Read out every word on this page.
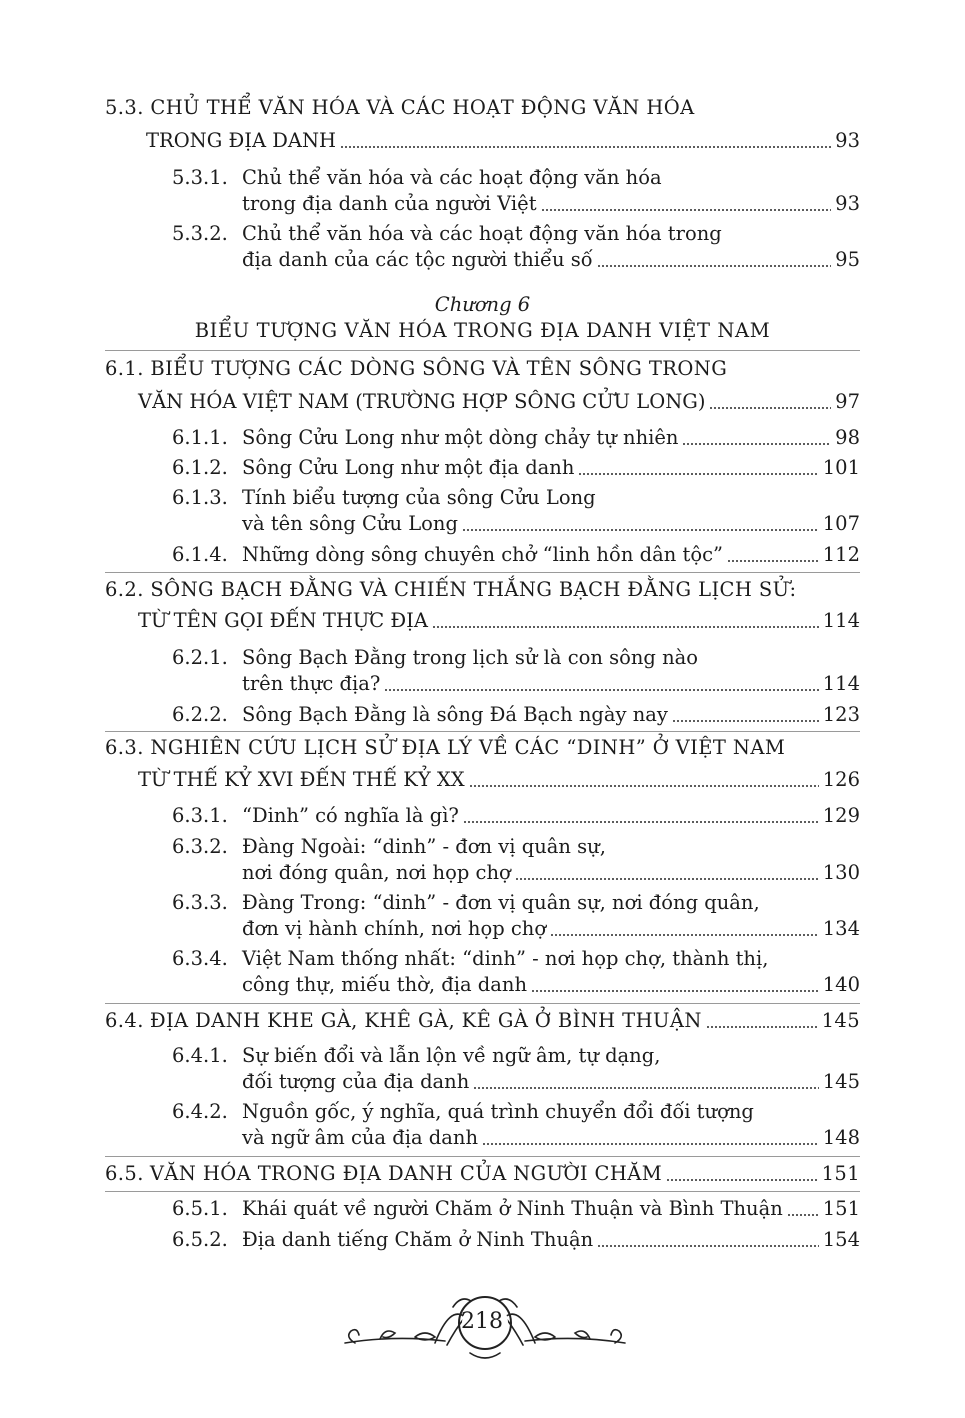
5.3. CHỦ THỂ VĂN HÓA VÀ CÁC HOẠT ĐỘNG VĂN HÓA
TRONG ĐỊA DANH	93
5.3.1. Chủ thể văn hóa và các hoạt động văn hóa
trong địa danh của người Việt	93
5.3.2. Chủ thể văn hóa và các hoạt động văn hóa trong
địa danh của các tộc người thiểu số	95
Chương 6
BIỂU TƯỢNG VĂN HÓA TRONG ĐỊA DANH VIỆT NAM
6.1. BIỂU TƯỢNG CÁC DÒNG SÔNG VÀ TÊN SÔNG TRONG
VĂN HÓA VIỆT NAM (TRƯỜNG HỢP SÔNG CỬU LONG)	97
6.1.1. Sông Cửu Long như một dòng chảy tự nhiên	98
6.1.2. Sông Cửu Long như một địa danh	101
6.1.3. Tính biểu tượng của sông Cửu Long
và tên sông Cửu Long	107
6.1.4. Những dòng sông chuyên chở “linh hồn dân tộc”	112
6.2. SÔNG BẠCH ĐẰNG VÀ CHIẾN THẮNG BẠCH ĐẰNG LỊCH SỬ:
TỪ TÊN GỌI ĐẾN THỰC ĐỊA	114
6.2.1. Sông Bạch Đằng trong lịch sử là con sông nào
trên thực địa?	114
6.2.2. Sông Bạch Đằng là sông Đá Bạch ngày nay	123
6.3. NGHIÊN CỨU LỊCH SỬ ĐỊA LÝ VỀ CÁC “DINH” Ở VIỆT NAM
TỪ THẾ KỶ XVI ĐẾN THẾ KỶ XX	126
6.3.1. “Dinh” có nghĩa là gì?	129
6.3.2. Đàng Ngoài: “dinh” - đơn vị quân sự,
nơi đóng quân, nơi họp chợ	130
6.3.3. Đàng Trong: “dinh” - đơn vị quân sự, nơi đóng quân,
đơn vị hành chính, nơi họp chợ	134
6.3.4. Việt Nam thống nhất: “dinh” - nơi họp chợ, thành thị,
công thự, miếu thờ, địa danh	140
6.4. ĐỊA DANH KHE GÀ, KHÊ GÀ, KÊ GÀ Ở BÌNH THUẬN	145
6.4.1. Sự biến đổi và lẫn lộn về ngữ âm, tự dạng,
đối tượng của địa danh	145
6.4.2. Nguồn gốc, ý nghĩa, quá trình chuyển đổi đối tượng
và ngữ âm của địa danh	148
6.5. VĂN HÓA TRONG ĐỊA DANH CỦA NGƯỜI CHĂM	151
6.5.1. Khái quát về người Chăm ở Ninh Thuận và Bình Thuận 151
6.5.2. Địa danh tiếng Chăm ở Ninh Thuận	154
218
